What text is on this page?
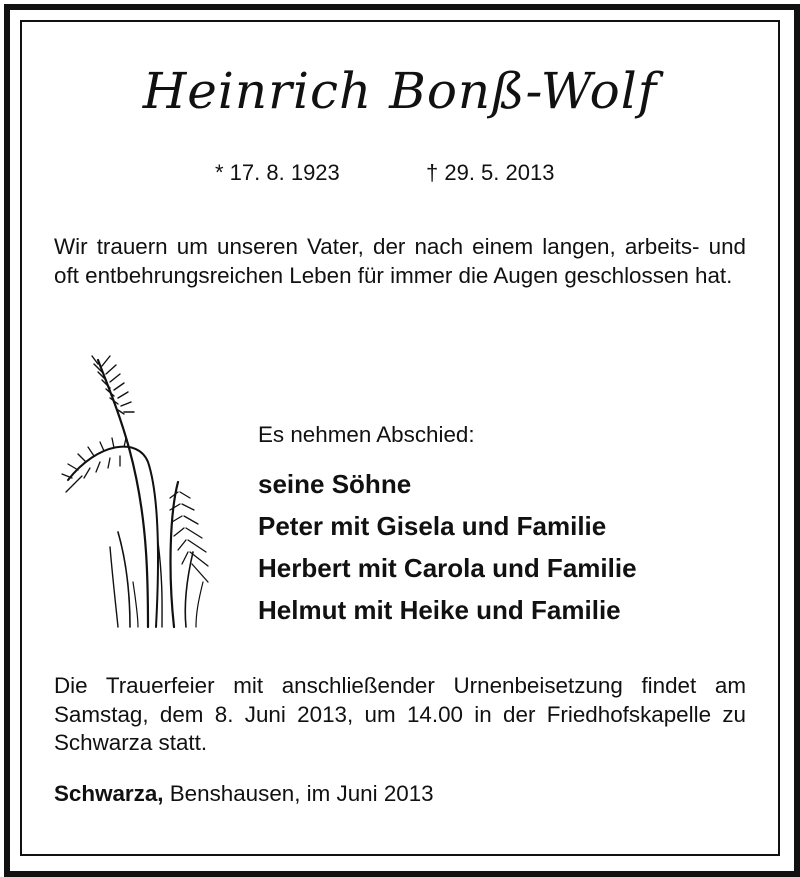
Heinrich Bonß-Wolf
* 17. 8. 1923	† 29. 5. 2013

Wir trauern um unseren Vater, der nach einem langen, arbeits- und oft entbehrungsreichen Leben für immer die Augen geschlossen hat.

Es nehmen Abschied:
seine Söhne
Peter mit Gisela und Familie
Herbert mit Carola und Familie
Helmut mit Heike und Familie

Die Trauerfeier mit anschließender Urnenbeisetzung findet am Samstag, dem 8. Juni 2013, um 14.00 in der Friedhofskapelle zu Schwarza statt.

Schwarza, Benshausen, im Juni 2013
